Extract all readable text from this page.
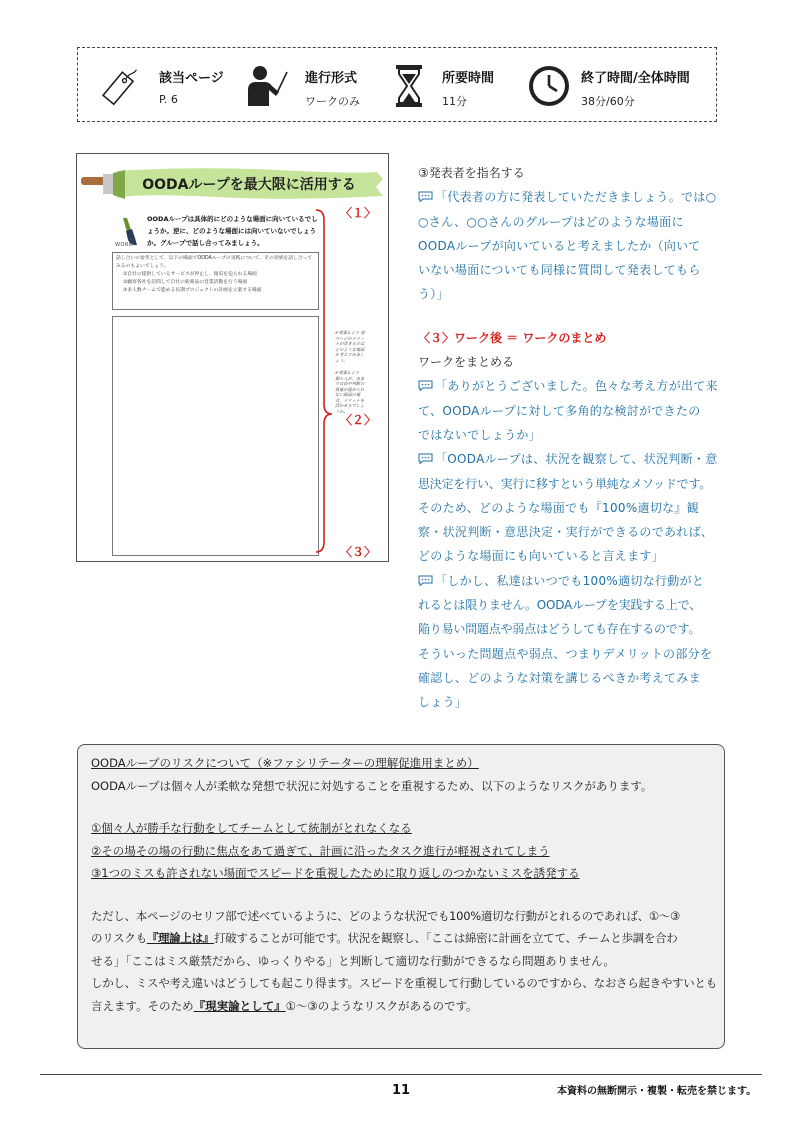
該当ページ
P. 6
進行形式
ワークのみ
所要時間
11分
終了時間/全体時間
38分/60分
OODAループを最大限に活用する
WORK
OODAループは具体的にどのような場面に向いているでしょうか。逆に、どのような場面には向いていないでしょうか。グループで話し合ってみましょう。
話し合いの参考として、以下の場面でOODAループの実践について、その効果を話し合ってみるのもよいでしょう。
①自社の提供しているサービスが停止し、復旧を迫られる場面
②顧客各社を訪問して自社の新商品の営業活動を行う場面
③多人数チームで進める長期プロジェクトの計画を立案する場面
✔発案ヒント 前ページのメリットが活きるのはどのような場面か考えてみましょう。
✔発案ヒント 個々人が、あまり自由や判断の裁量が認められない場面の場合、メリットを活かせるでしょうか。
〈１〉
〈２〉
〈３〉
③発表者を指名する
「代表者の方に発表していただきましょう。では○
○さん、○○さんのグループはどのような場面に
OODAループが向いていると考えましたか（向いて
いない場面についても同様に質問して発表してもら
う）」
〈３〉ワーク後 ＝ ワークのまとめ
ワークをまとめる
「ありがとうございました。色々な考え方が出て来
て、OODAループに対して多角的な検討ができたの
ではないでしょうか」
「OODAループは、状況を観察して、状況判断・意
思決定を行い、実行に移すという単純なメソッドです。
そのため、どのような場面でも『100%適切な』観
察・状況判断・意思決定・実行ができるのであれば、
どのような場面にも向いていると言えます」
「しかし、私達はいつでも100%適切な行動がと
れるとは限りません。OODAループを実践する上で、
陥り易い問題点や弱点はどうしても存在するのです。
そういった問題点や弱点、つまりデメリットの部分を
確認し、どのような対策を講じるべきか考えてみま
しょう」
OODAループのリスクについて（※ファシリテーターの理解促進用まとめ）
OODAループは個々人が柔軟な発想で状況に対処することを重視するため、以下のようなリスクがあります。
①個々人が勝手な行動をしてチームとして統制がとれなくなる
②その場その場の行動に焦点をあて過ぎて、計画に沿ったタスク進行が軽視されてしまう
③1つのミスも許されない場面でスピードを重視したために取り返しのつかないミスを誘発する
ただし、本ページのセリフ部で述べているように、どのような状況でも100%適切な行動がとれるのであれば、①～③
のリスクも『理論上は』打破することが可能です。状況を観察し、「ここは綿密に計画を立てて、チームと歩調を合わ
せる」「ここはミス厳禁だから、ゆっくりやる」と判断して適切な行動ができるなら問題ありません。
しかし、ミスや考え違いはどうしても起こり得ます。スピードを重視して行動しているのですから、なおさら起きやすいとも
言えます。そのため『現実論として』①～③のようなリスクがあるのです。
11	本資料の無断開示・複製・転売を禁じます。
